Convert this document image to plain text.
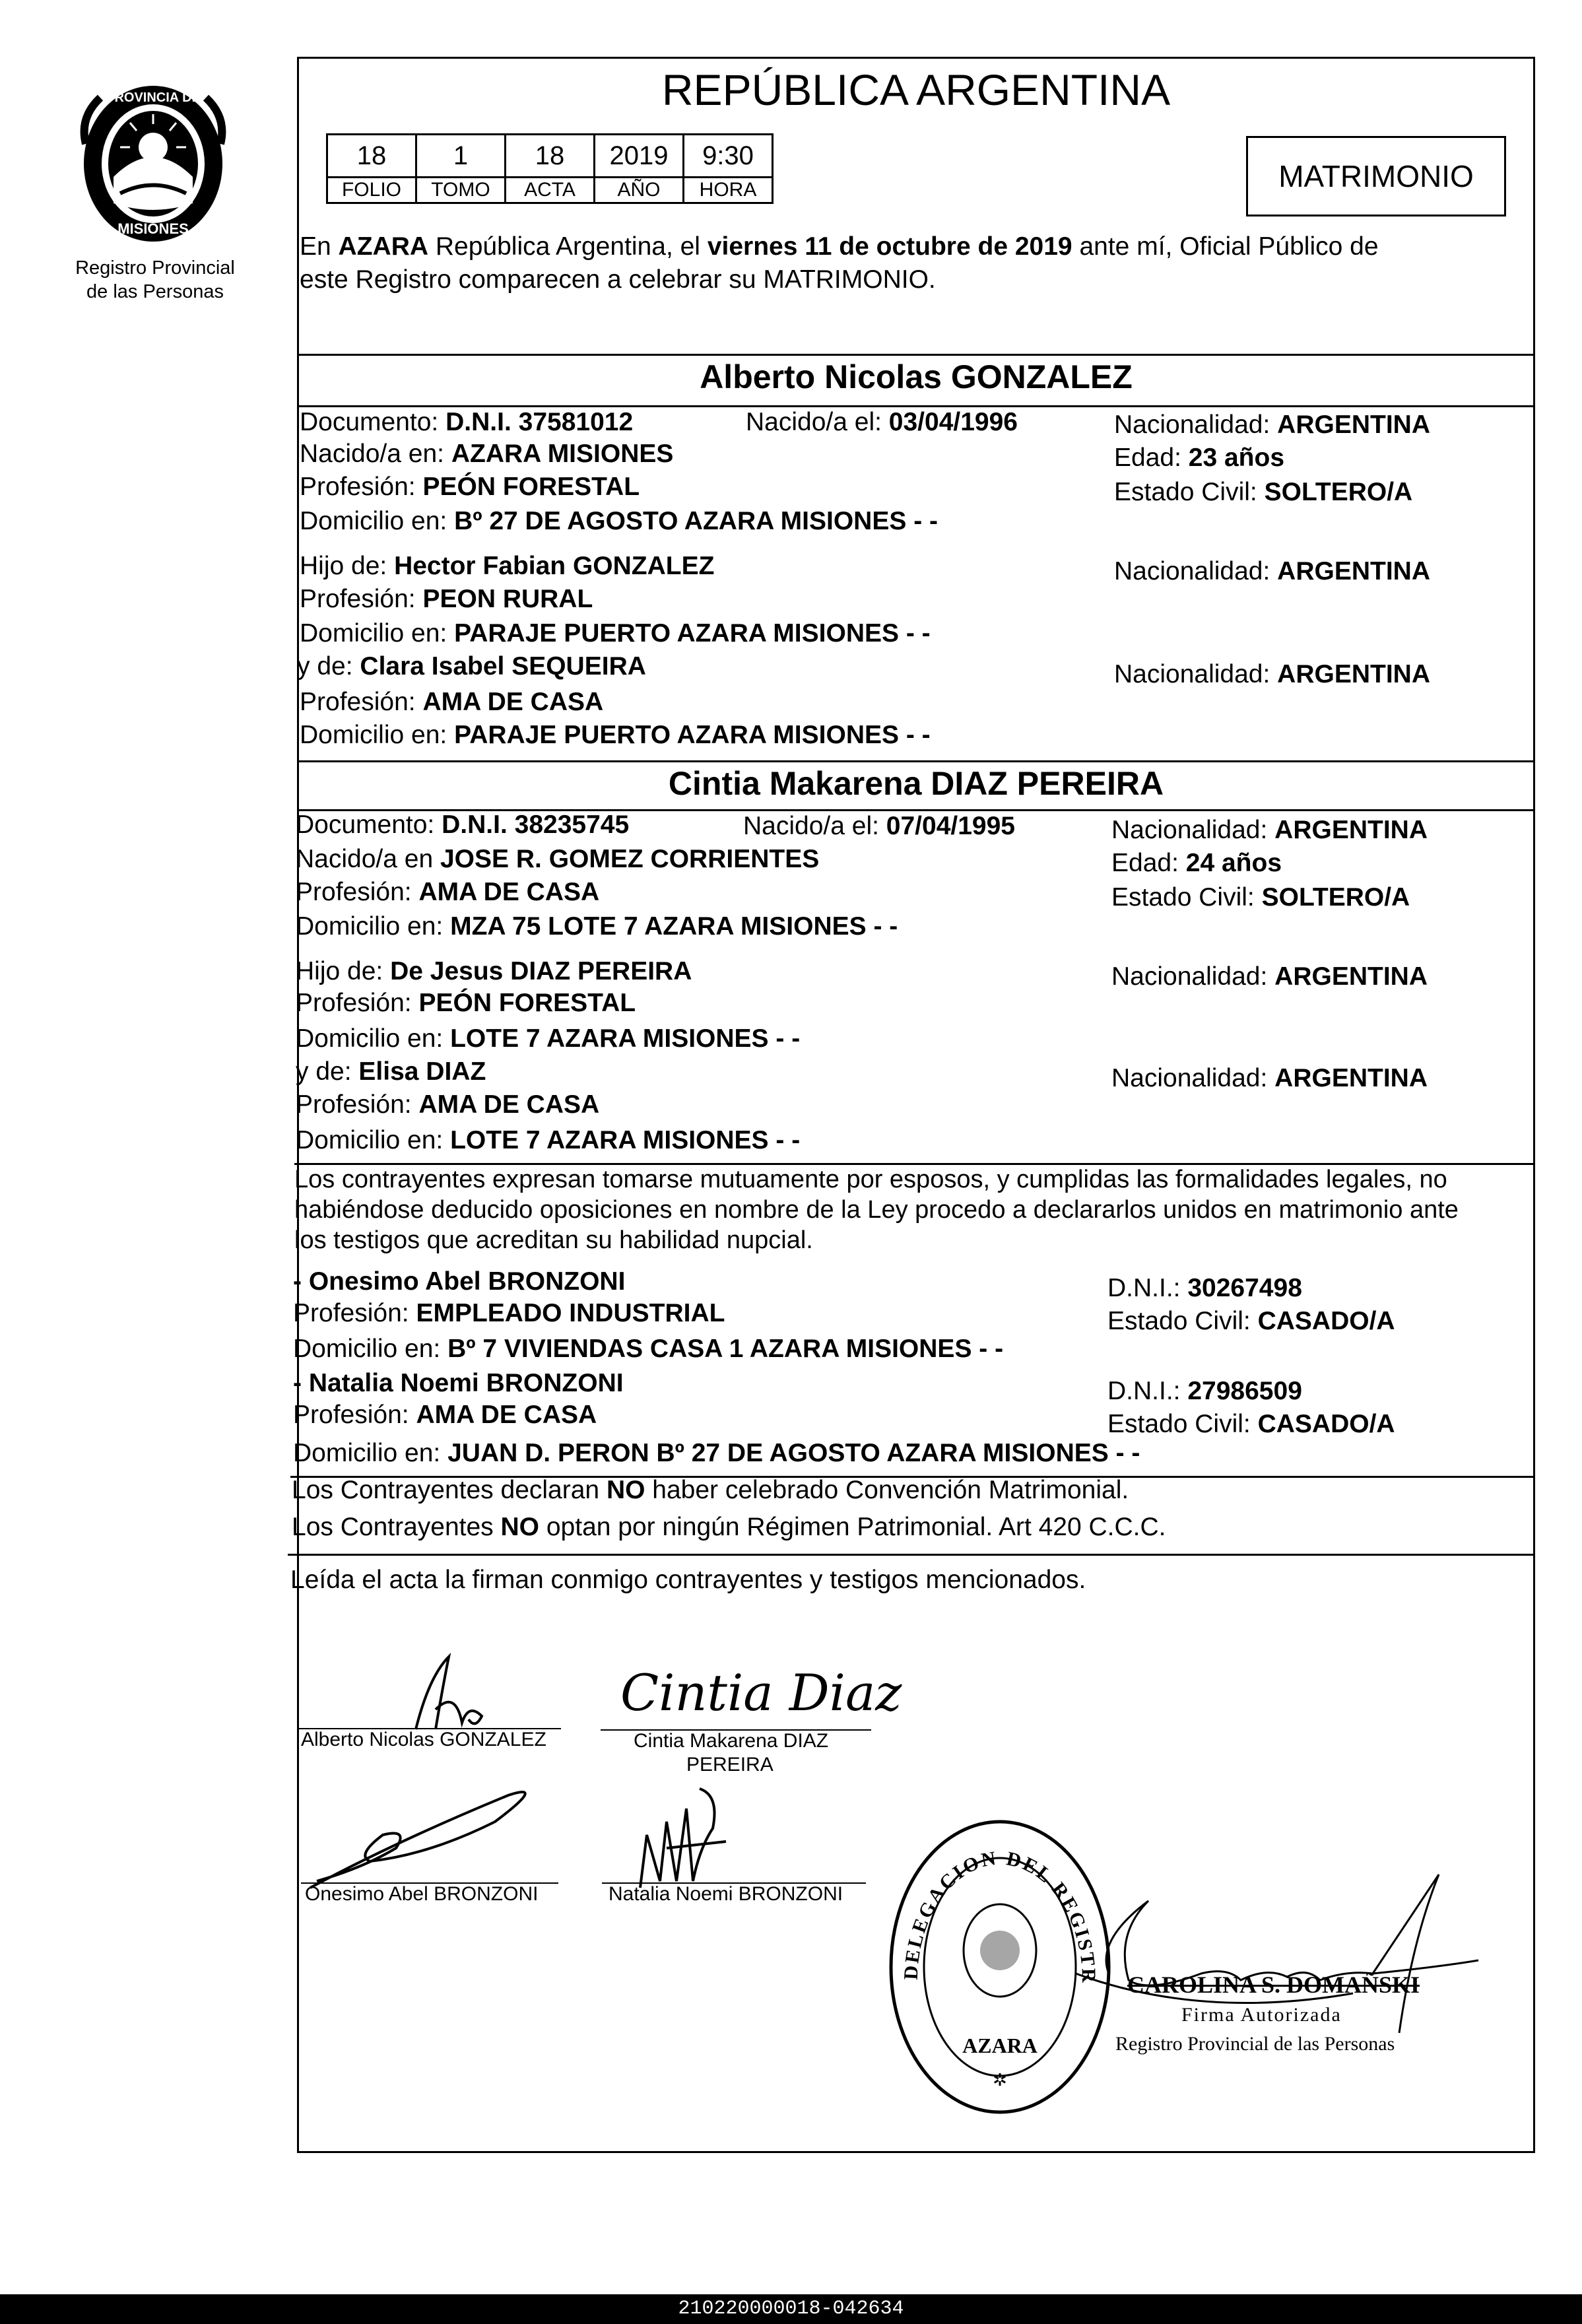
PROVINCIA DE
MISIONES
Registro Provincial
de las Personas
REPÚBLICA ARGENTINA
18	1	18	2019	9:30
FOLIO	TOMO	ACTA	AÑO	HORA	MATRIMONIO
En AZARA República Argentina, el viernes 11 de octubre de 2019 ante mí, Oficial Público de
este Registro comparecen a celebrar su MATRIMONIO.
Alberto Nicolas GONZALEZ
Documento: D.N.I. 37581012	Nacido/a el: 03/04/1996	Nacionalidad: ARGENTINA
Nacido/a en: AZARA MISIONES	Edad: 23 años
Profesión: PEÓN FORESTAL	Estado Civil: SOLTERO/A
Domicilio en: Bº 27 DE AGOSTO AZARA MISIONES - -
Hijo de: Hector Fabian GONZALEZ	Nacionalidad: ARGENTINA
Profesión: PEON RURAL
Domicilio en: PARAJE PUERTO AZARA MISIONES - -
y de: Clara Isabel SEQUEIRA	Nacionalidad: ARGENTINA
Profesión: AMA DE CASA
Domicilio en: PARAJE PUERTO AZARA MISIONES - -
Cintia Makarena DIAZ PEREIRA
Documento: D.N.I. 38235745	Nacido/a el: 07/04/1995	Nacionalidad: ARGENTINA
Nacido/a en JOSE R. GOMEZ CORRIENTES	Edad: 24 años
Profesión: AMA DE CASA	Estado Civil: SOLTERO/A
Domicilio en: MZA 75 LOTE 7 AZARA MISIONES - -
Hijo de: De Jesus DIAZ PEREIRA	Nacionalidad: ARGENTINA
Profesión: PEÓN FORESTAL
Domicilio en: LOTE 7 AZARA MISIONES - -
y de: Elisa DIAZ	Nacionalidad: ARGENTINA
Profesión: AMA DE CASA
Domicilio en: LOTE 7 AZARA MISIONES - -
Los contrayentes expresan tomarse mutuamente por esposos, y cumplidas las formalidades legales, no
habiéndose deducido oposiciones en nombre de la Ley procedo a declararlos unidos en matrimonio ante
los testigos que acreditan su habilidad nupcial.
- Onesimo Abel BRONZONI	D.N.I.: 30267498
Profesión: EMPLEADO INDUSTRIAL	Estado Civil: CASADO/A
Domicilio en: Bº 7 VIVIENDAS CASA 1 AZARA MISIONES - -
- Natalia Noemi BRONZONI	D.N.I.: 27986509
Profesión: AMA DE CASA	Estado Civil: CASADO/A
Domicilio en: JUAN D. PERON Bº 27 DE AGOSTO AZARA MISIONES - -
Los Contrayentes declaran NO haber celebrado Convención Matrimonial.
Los Contrayentes NO optan por ningún Régimen Patrimonial. Art 420 C.C.C.
Leída el acta la firman conmigo contrayentes y testigos mencionados.
Alberto Nicolas GONZALEZ
Cintia Diaz
Cintia Makarena DIAZ
PEREIRA
Onesimo Abel BRONZONI	Natalia Noemi BRONZONI
DELEGACION DEL REGISTR
AZARA
✲
CAROLINA S. DOMAÑSKI
Firma Autorizada
Registro Provincial de las Personas
210220000018-042634
